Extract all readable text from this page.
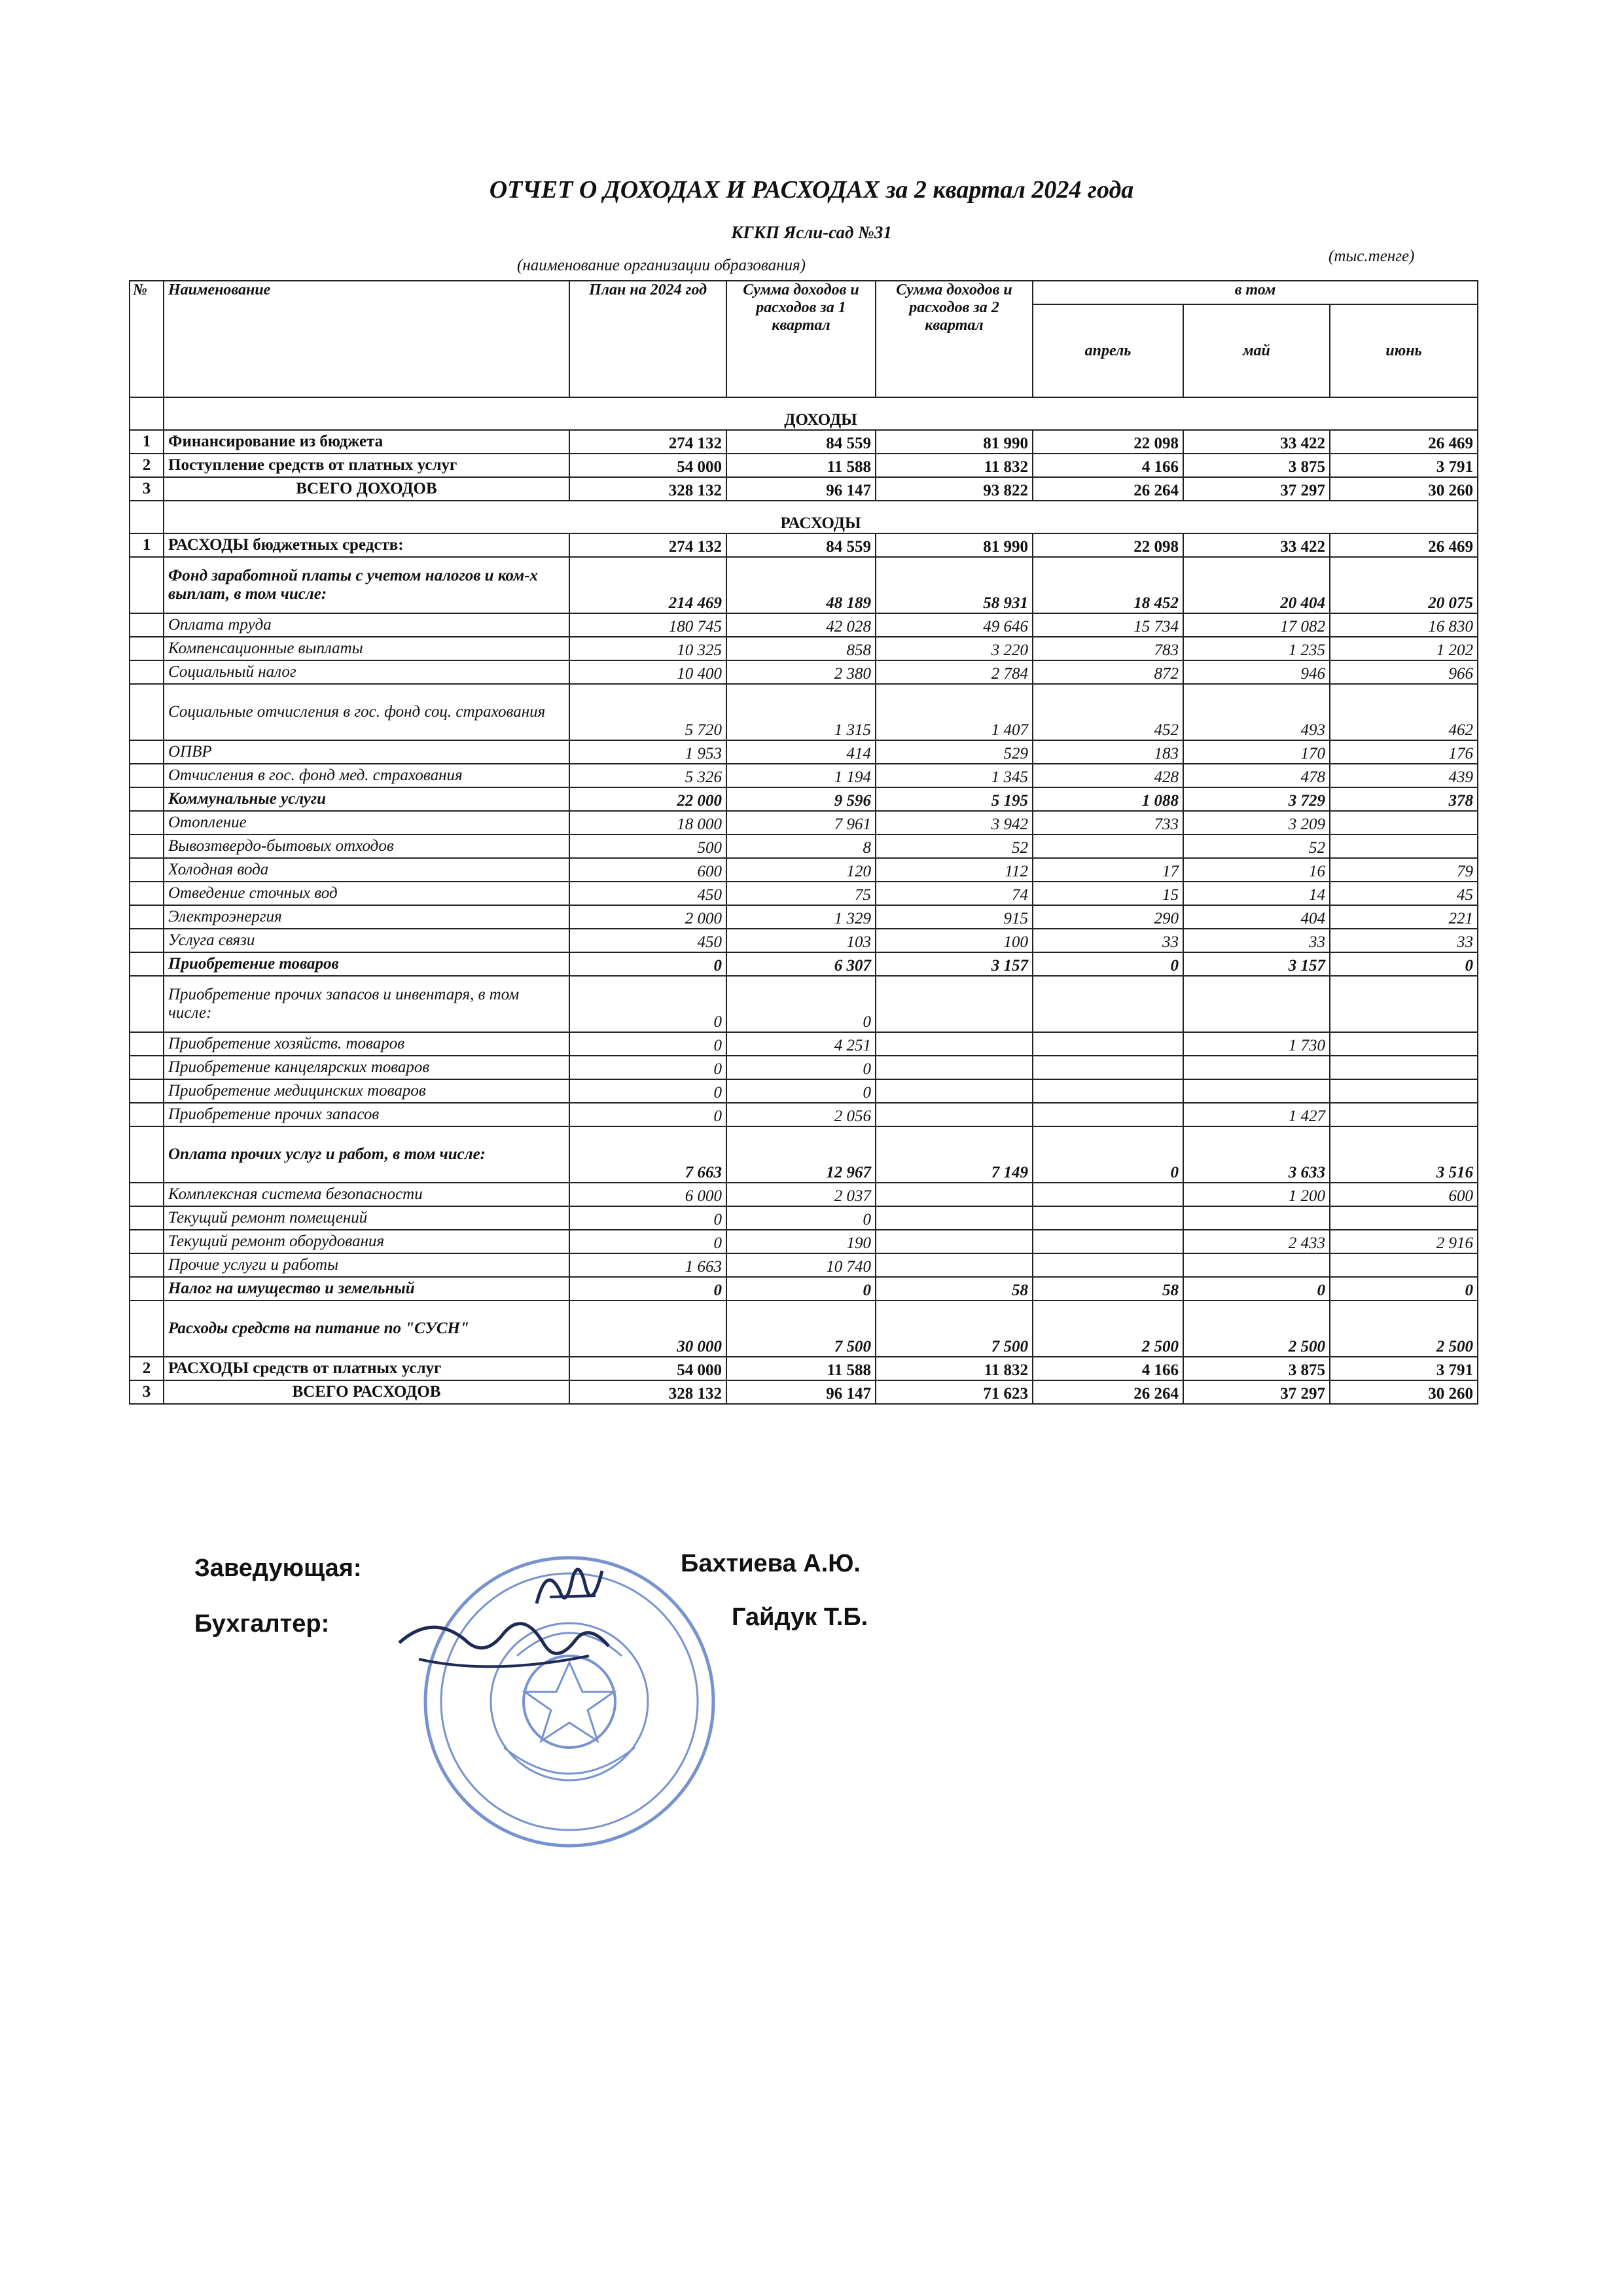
ОТЧЕТ О ДОХОДАХ И РАСХОДАХ за 2 квартал 2024 года
КГКП Ясли-сад №31
(наименование организации образования)
(тыс.тенге)
№	Наименование	План на 2024 год	Сумма доходов и расходов за 1 квартал	Сумма доходов и расходов за 2 квартал	в том		
					апрель	май	июнь
	ДОХОДЫ						
1	Финансирование из бюджета	274 132	84 559	81 990	22 098	33 422	26 469
2	Поступление средств от платных услуг	54 000	11 588	11 832	4 166	3 875	3 791
3	ВСЕГО ДОХОДОВ	328 132	96 147	93 822	26 264	37 297	30 260
	РАСХОДЫ						
1	РАСХОДЫ бюджетных средств:	274 132	84 559	81 990	22 098	33 422	26 469
	Фонд заработной платы с учетом налогов и ком-х выплат, в том числе:	214 469	48 189	58 931	18 452	20 404	20 075
	Оплата труда	180 745	42 028	49 646	15 734	17 082	16 830
	Компенсационные выплаты	10 325	858	3 220	783	1 235	1 202
	Социальный налог	10 400	2 380	2 784	872	946	966
	Социальные отчисления в гос. фонд соц. страхования	5 720	1 315	1 407	452	493	462
	ОПВР	1 953	414	529	183	170	176
	Отчисления в гос. фонд мед. страхования	5 326	1 194	1 345	428	478	439
	Коммунальные услуги	22 000	9 596	5 195	1 088	3 729	378
	Отопление	18 000	7 961	3 942	733	3 209	
	Вывозтвердо-бытовых отходов	500	8	52		52	
	Холодная вода	600	120	112	17	16	79
	Отведение сточных вод	450	75	74	15	14	45
	Электроэнергия	2 000	1 329	915	290	404	221
	Услуга связи	450	103	100	33	33	33
	Приобретение товаров	0	6 307	3 157	0	3 157	0
	Приобретение прочих запасов и инвентаря, в том числе:	0	0				
	Приобретение хозяйств. товаров	0	4 251			1 730	
	Приобретение канцелярских товаров	0	0				
	Приобретение медицинских товаров	0	0				
	Приобретение прочих запасов	0	2 056			1 427	
	Оплата прочих услуг и работ, в том числе:	7 663	12 967	7 149	0	3 633	3 516
	Комплексная система безопасности	6 000	2 037			1 200	600
	Текущий ремонт помещений	0	0				
	Текущий ремонт оборудования	0	190			2 433	2 916
	Прочие услуги и работы	1 663	10 740				
	Налог на имущество и земельный	0	0	58	58	0	0
	Расходы средств на питание по "СУСН"	30 000	7 500	7 500	2 500	2 500	2 500
2	РАСХОДЫ средств от платных услуг	54 000	11 588	11 832	4 166	3 875	3 791
3	ВСЕГО РАСХОДОВ	328 132	96 147	71 623	26 264	37 297	30 260
Заведующая:	Бахтиева А.Ю.
Бухгалтер:	Гайдук Т.Б.
